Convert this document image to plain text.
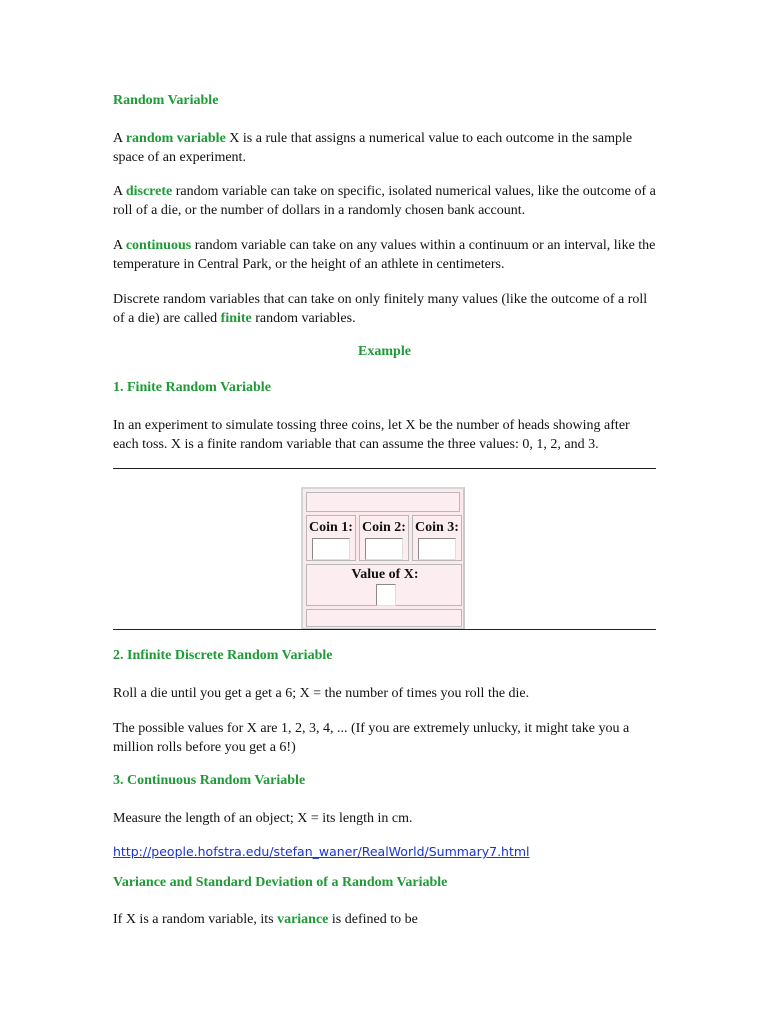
Random Variable

A random variable X is a rule that assigns a numerical value to each outcome in the sample space of an experiment.

A discrete random variable can take on specific, isolated numerical values, like the outcome of a roll of a die, or the number of dollars in a randomly chosen bank account.

A continuous random variable can take on any values within a continuum or an interval, like the temperature in Central Park, or the height of an athlete in centimeters.

Discrete random variables that can take on only finitely many values (like the outcome of a roll of a die) are called finite random variables.

Example
1. Finite Random Variable

In an experiment to simulate tossing three coins, let X be the number of heads showing after each toss. X is a finite random variable that can assume the three values: 0, 1, 2, and 3.

Coin 1: Coin 2: Coin 3:
Value of X:
2. Infinite Discrete Random Variable

Roll a die until you get a get a 6; X = the number of times you roll the die.

The possible values for X are 1, 2, 3, 4, ... (If you are extremely unlucky, it might take you a million rolls before you get a 6!)

3. Continuous Random Variable

Measure the length of an object; X = its length in cm.

http://people.hofstra.edu/stefan_waner/RealWorld/Summary7.html
Variance and Standard Deviation of a Random Variable

If X is a random variable, its variance is defined to be
